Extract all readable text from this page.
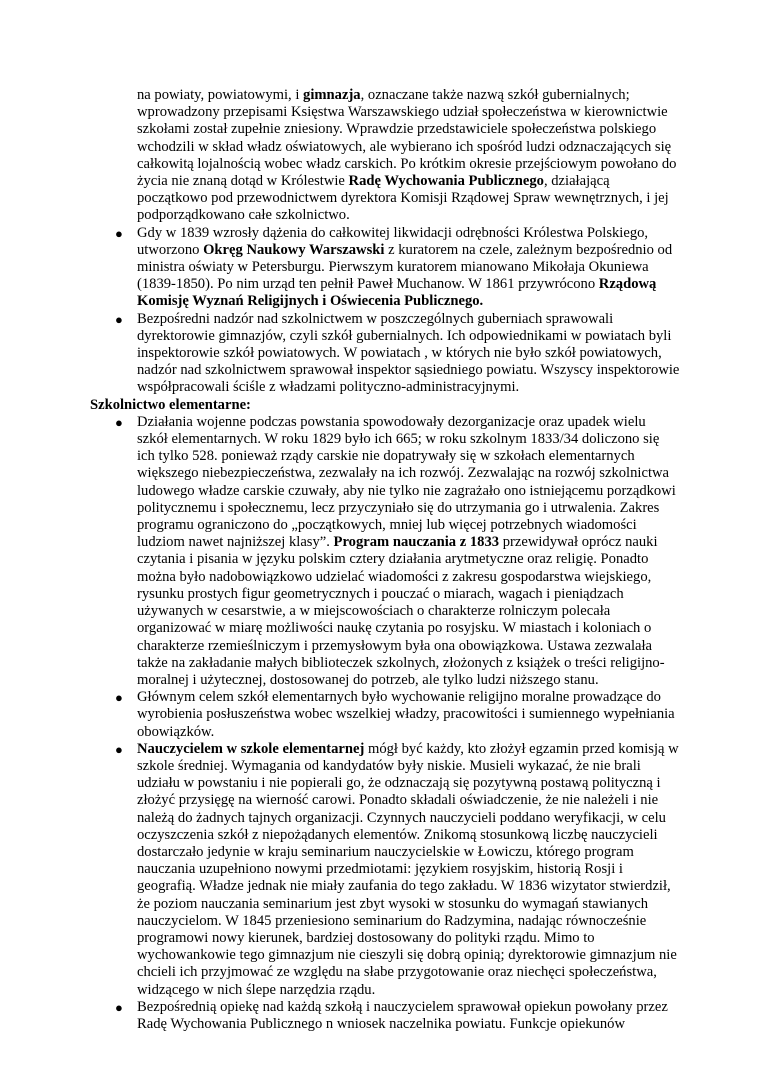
na powiaty, powiatowymi, i gimnazja, oznaczane także nazwą szkół gubernialnych; wprowadzony przepisami Księstwa Warszawskiego udział społeczeństwa w kierownictwie szkołami został zupełnie zniesiony. Wprawdzie przedstawiciele społeczeństwa polskiego wchodzili w skład władz oświatowych, ale wybierano ich spośród ludzi odznaczających się całkowitą lojalnością wobec władz carskich. Po krótkim okresie przejściowym powołano do życia nie znaną dotąd w Królestwie Radę Wychowania Publicznego, działającą początkowo pod przewodnictwem dyrektora Komisji Rządowej Spraw wewnętrznych, i jej podporządkowano całe szkolnictwo.

● Gdy w 1839 wzrosły dążenia do całkowitej likwidacji odrębności Królestwa Polskiego, utworzono Okręg Naukowy Warszawski z kuratorem na czele, zależnym bezpośrednio od ministra oświaty w Petersburgu. Pierwszym kuratorem mianowano Mikołaja Okuniewa (1839-1850). Po nim urząd ten pełnił Paweł Muchanow. W 1861 przywrócono Rządową Komisję Wyznań Religijnych i Oświecenia Publicznego.
● Bezpośredni nadzór nad szkolnictwem w poszczególnych guberniach sprawowali dyrektorowie gimnazjów, czyli szkół gubernialnych. Ich odpowiednikami w powiatach byli inspektorowie szkół powiatowych. W powiatach , w których nie było szkół powiatowych, nadzór nad szkolnictwem sprawował inspektor sąsiedniego powiatu. Wszyscy inspektorowie współpracowali ściśle z władzami polityczno-administracyjnymi.
Szkolnictwo elementarne:
● Działania wojenne podczas powstania spowodowały dezorganizacje oraz upadek wielu szkół elementarnych. W roku 1829 było ich 665; w roku szkolnym 1833/34 doliczono się ich tylko 528. ponieważ rządy carskie nie dopatrywały się w szkołach elementarnych większego niebezpieczeństwa, zezwalały na ich rozwój. Zezwalając na rozwój szkolnictwa ludowego władze carskie czuwały, aby nie tylko nie zagrażało ono istniejącemu porządkowi politycznemu i społecznemu, lecz przyczyniało się do utrzymania go i utrwalenia. Zakres programu ograniczono do „początkowych, mniej lub więcej potrzebnych wiadomości ludziom nawet najniższej klasy”. Program nauczania z 1833 przewidywał oprócz nauki czytania i pisania w języku polskim cztery działania arytmetyczne oraz religię. Ponadto można było nadobowiązkowo udzielać wiadomości z zakresu gospodarstwa wiejskiego, rysunku prostych figur geometrycznych i pouczać o miarach, wagach i pieniądzach używanych w cesarstwie, a w miejscowościach o charakterze rolniczym polecała organizować w miarę możliwości naukę czytania po rosyjsku. W miastach i koloniach o charakterze rzemieślniczym i przemysłowym była ona obowiązkowa. Ustawa zezwalała także na zakładanie małych biblioteczek szkolnych, złożonych z książek o treści religijno-moralnej i użytecznej, dostosowanej do potrzeb, ale tylko ludzi niższego stanu.
● Głównym celem szkół elementarnych było wychowanie religijno moralne prowadzące do wyrobienia posłuszeństwa wobec wszelkiej władzy, pracowitości i sumiennego wypełniania obowiązków.
● Nauczycielem w szkole elementarnej mógł być każdy, kto złożył egzamin przed komisją w szkole średniej. Wymagania od kandydatów były niskie. Musieli wykazać, że nie brali udziału w powstaniu i nie popierali go, że odznaczają się pozytywną postawą polityczną i złożyć przysięgę na wierność carowi. Ponadto składali oświadczenie, że nie należeli i nie należą do żadnych tajnych organizacji. Czynnych nauczycieli poddano weryfikacji, w celu oczyszczenia szkół z niepożądanych elementów. Znikomą stosunkową liczbę nauczycieli dostarczało jedynie w kraju seminarium nauczycielskie w Łowiczu, którego program nauczania uzupełniono nowymi przedmiotami: językiem rosyjskim, historią Rosji i geografią. Władze jednak nie miały zaufania do tego zakładu. W 1836 wizytator stwierdził, że poziom nauczania seminarium jest zbyt wysoki w stosunku do wymagań stawianych nauczycielom. W 1845 przeniesiono seminarium do Radzymina, nadając równocześnie programowi nowy kierunek, bardziej dostosowany do polityki rządu. Mimo to wychowankowie tego gimnazjum nie cieszyli się dobrą opinią; dyrektorowie gimnazjum nie chcieli ich przyjmować ze względu na słabe przygotowanie oraz niechęci społeczeństwa, widzącego w nich ślepe narzędzia rządu.
● Bezpośrednią opiekę nad każdą szkołą i nauczycielem sprawował opiekun powołany przez Radę Wychowania Publicznego n wniosek naczelnika powiatu. Funkcje opiekunów
